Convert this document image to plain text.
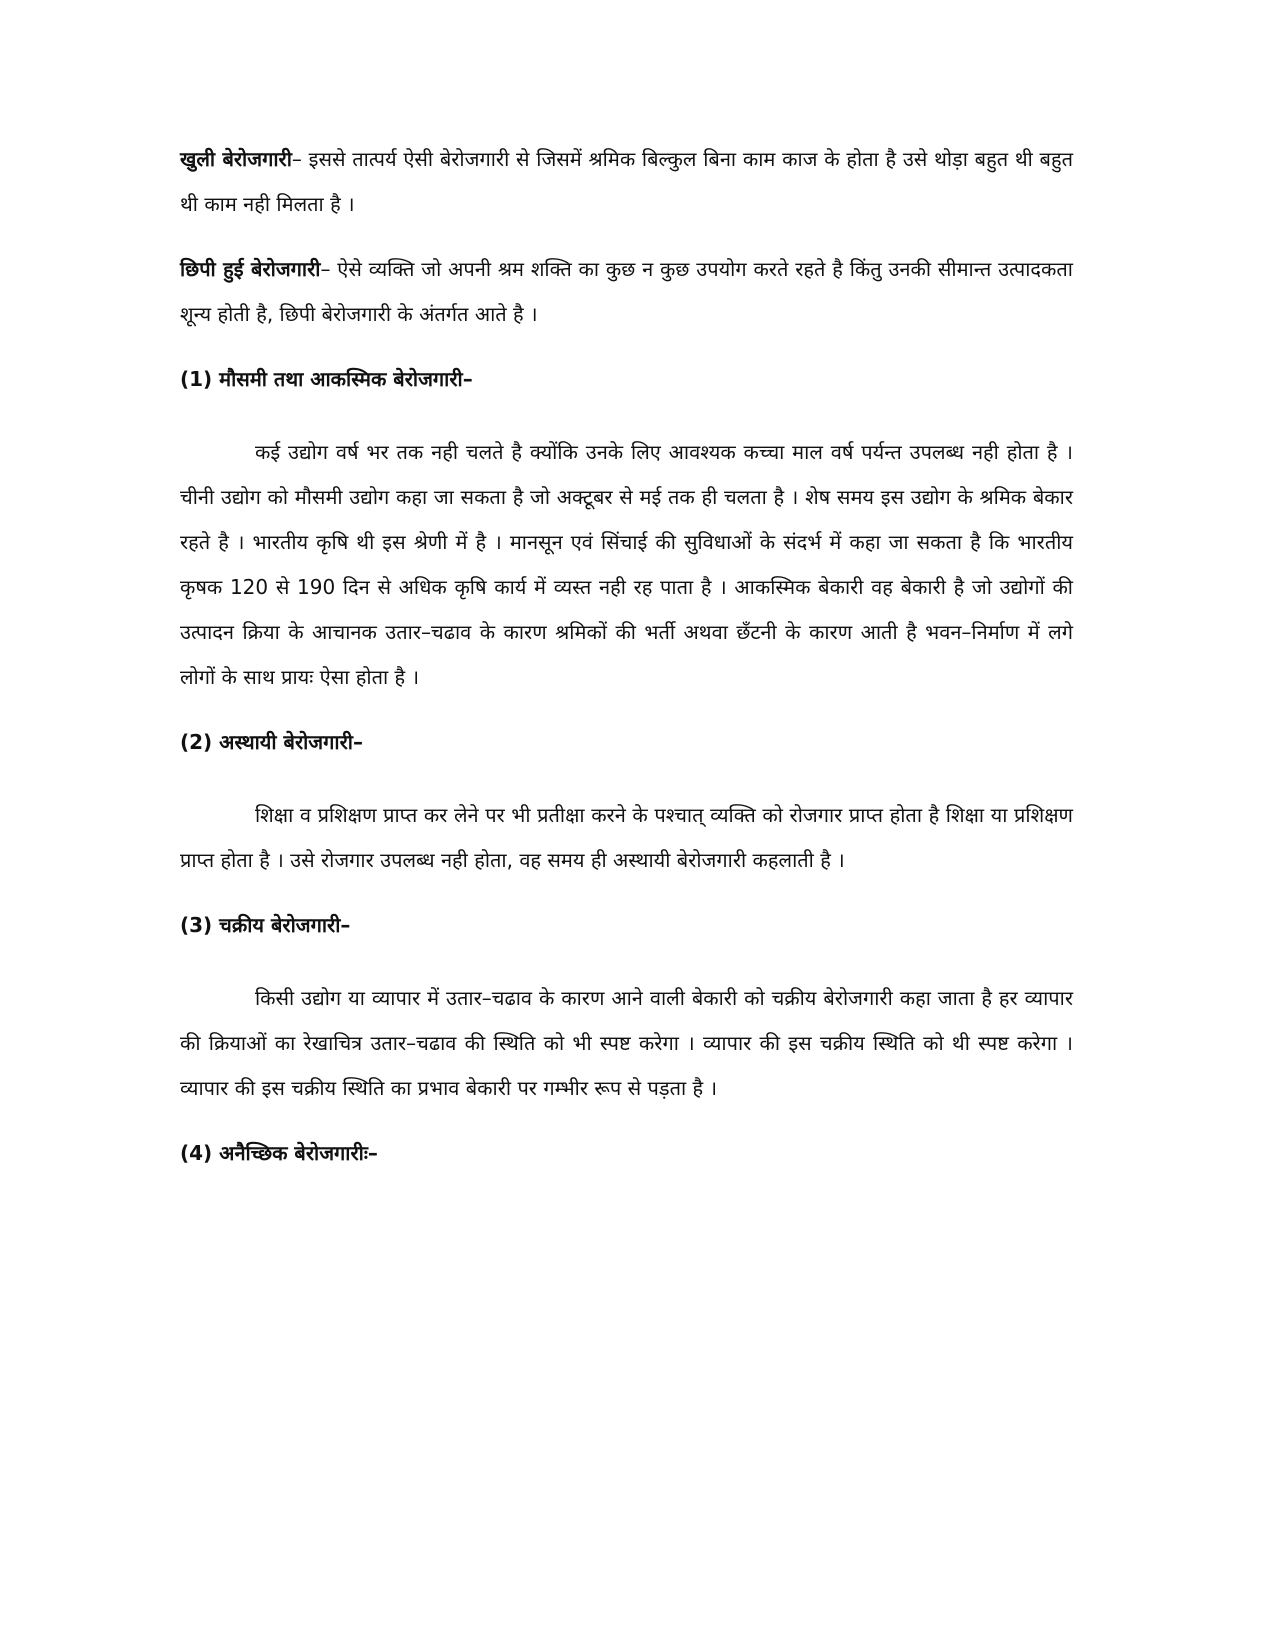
खुली बेरोजगारी– इससे तात्पर्य ऐसी बेरोजगारी से जिसमें श्रमिक बिल्कुल बिना काम काज के होता है उसे थोड़ा बहुत थी बहुत थी काम नही मिलता है ।

छिपी हुई बेरोजगारी– ऐसे व्यक्ति जो अपनी श्रम शक्ति का कुछ न कुछ उपयोग करते रहते है किंतु उनकी सीमान्त उत्पादकता शून्य होती है, छिपी बेरोजगारी के अंतर्गत आते है ।

(1) मौसमी तथा आकस्मिक बेरोजगारी–

कई उद्योग वर्ष भर तक नही चलते है क्योंकि उनके लिए आवश्यक कच्चा माल वर्ष पर्यन्त उपलब्ध नही होता है । चीनी उद्योग को मौसमी उद्योग कहा जा सकता है जो अक्टूबर से मई तक ही चलता है । शेष समय इस उद्योग के श्रमिक बेकार रहते है । भारतीय कृषि थी इस श्रेणी में है । मानसून एवं सिंचाई की सुविधाओं के संदर्भ में कहा जा सकता है कि भारतीय कृषक 120 से 190 दिन से अधिक कृषि कार्य में व्यस्त नही रह पाता है । आकस्मिक बेकारी वह बेकारी है जो उद्योगों की उत्पादन क्रिया के आचानक उतार–चढाव के कारण श्रमिकों की भर्ती अथवा छँटनी के कारण आती है भवन–निर्माण में लगे लोगों के साथ प्रायः ऐसा होता है ।

(2) अस्थायी बेरोजगारी–

शिक्षा व प्रशिक्षण प्राप्त कर लेने पर भी प्रतीक्षा करने के पश्चात् व्यक्ति को रोजगार प्राप्त होता है शिक्षा या प्रशिक्षण प्राप्त होता है । उसे रोजगार उपलब्ध नही होता, वह समय ही अस्थायी बेरोजगारी कहलाती है ।

(3) चक्रीय बेरोजगारी–

किसी उद्योग या व्यापार में उतार–चढाव के कारण आने वाली बेकारी को चक्रीय बेरोजगारी कहा जाता है हर व्यापार की क्रियाओं का रेखाचित्र उतार–चढाव की स्थिति को भी स्पष्ट करेगा । व्यापार की इस चक्रीय स्थिति को थी स्पष्ट करेगा । व्यापार की इस चक्रीय स्थिति का प्रभाव बेकारी पर गम्भीर रूप से पड़ता है ।

(4) अनैच्छिक बेरोजगारीः–
